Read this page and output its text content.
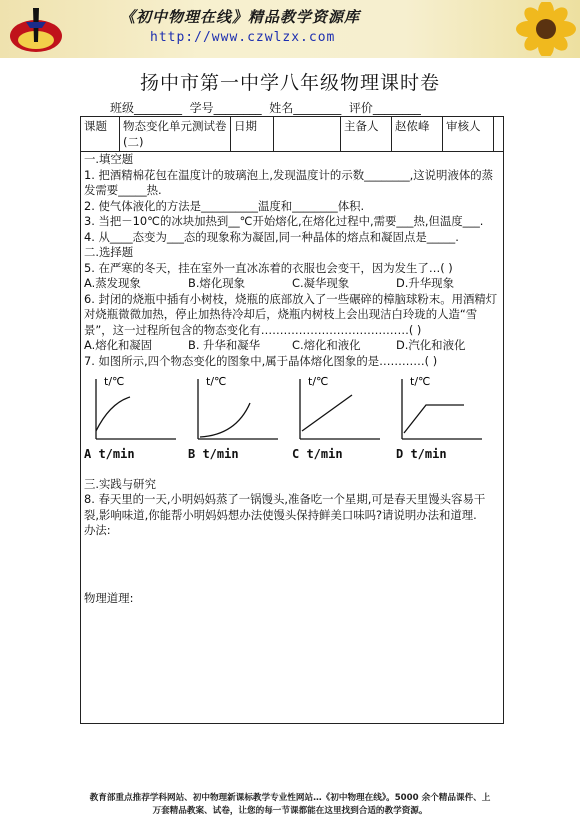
《初中物理在线》精品教学资源库
http://www.czwlzx.com
扬中市第一中学八年级物理课时卷
班级________  学号________  姓名________  评价________
课题	物态变化单元测试卷(二)	日期		主备人	赵侬峰	审核人	

一.填空题

1. 把酒精棉花包在温度计的玻璃泡上,发现温度计的示数________,这说明液体的蒸发需要_____热.

2. 使气体液化的方法是__________温度和________体积.

3. 当把－10℃的冰块加热到__℃开始熔化,在熔化过程中,需要___热,但温度___.

4. 从____态变为___态的现象称为凝固,同一种晶体的熔点和凝固点是_____.

二.选择题

5. 在严寒的冬天，挂在室外一直冰冻着的衣服也会变干，因为发生了…( )

A.蒸发现象	B.熔化现象	C.凝华现象	D.升华现象

6. 封闭的烧瓶中插有小树枝，烧瓶的底部放入了一些碾碎的樟脑球粉末。用酒精灯对烧瓶微微加热，停止加热待冷却后，烧瓶内树枝上会出现洁白玲珑的人造“雪景”，这一过程所包含的物态变化有…………………………………( )

A.熔化和凝固	B. 升华和凝华	C.熔化和液化	D.汽化和液化

7. 如图所示,四个物态变化的图象中,属于晶体熔化图象的是…………( )

t/℃	t/℃	t/℃	t/℃
A t/min	B t/min	C t/min	D t/min

三.实践与研究

8. 春天里的一天,小明妈妈蒸了一锅馒头,准备吃一个星期,可是春天里馒头容易干裂,影响味道,你能帮小明妈妈想办法使馒头保持鲜美口味吗?请说明办法和道理.

办法:

物理道理:

教育部重点推荐学科网站、初中物理新课标教学专业性网站…《初中物理在线》。5000 余个精品课件、上
万套精品教案、试卷，让您的每一节课都能在这里找到合适的教学资源。
